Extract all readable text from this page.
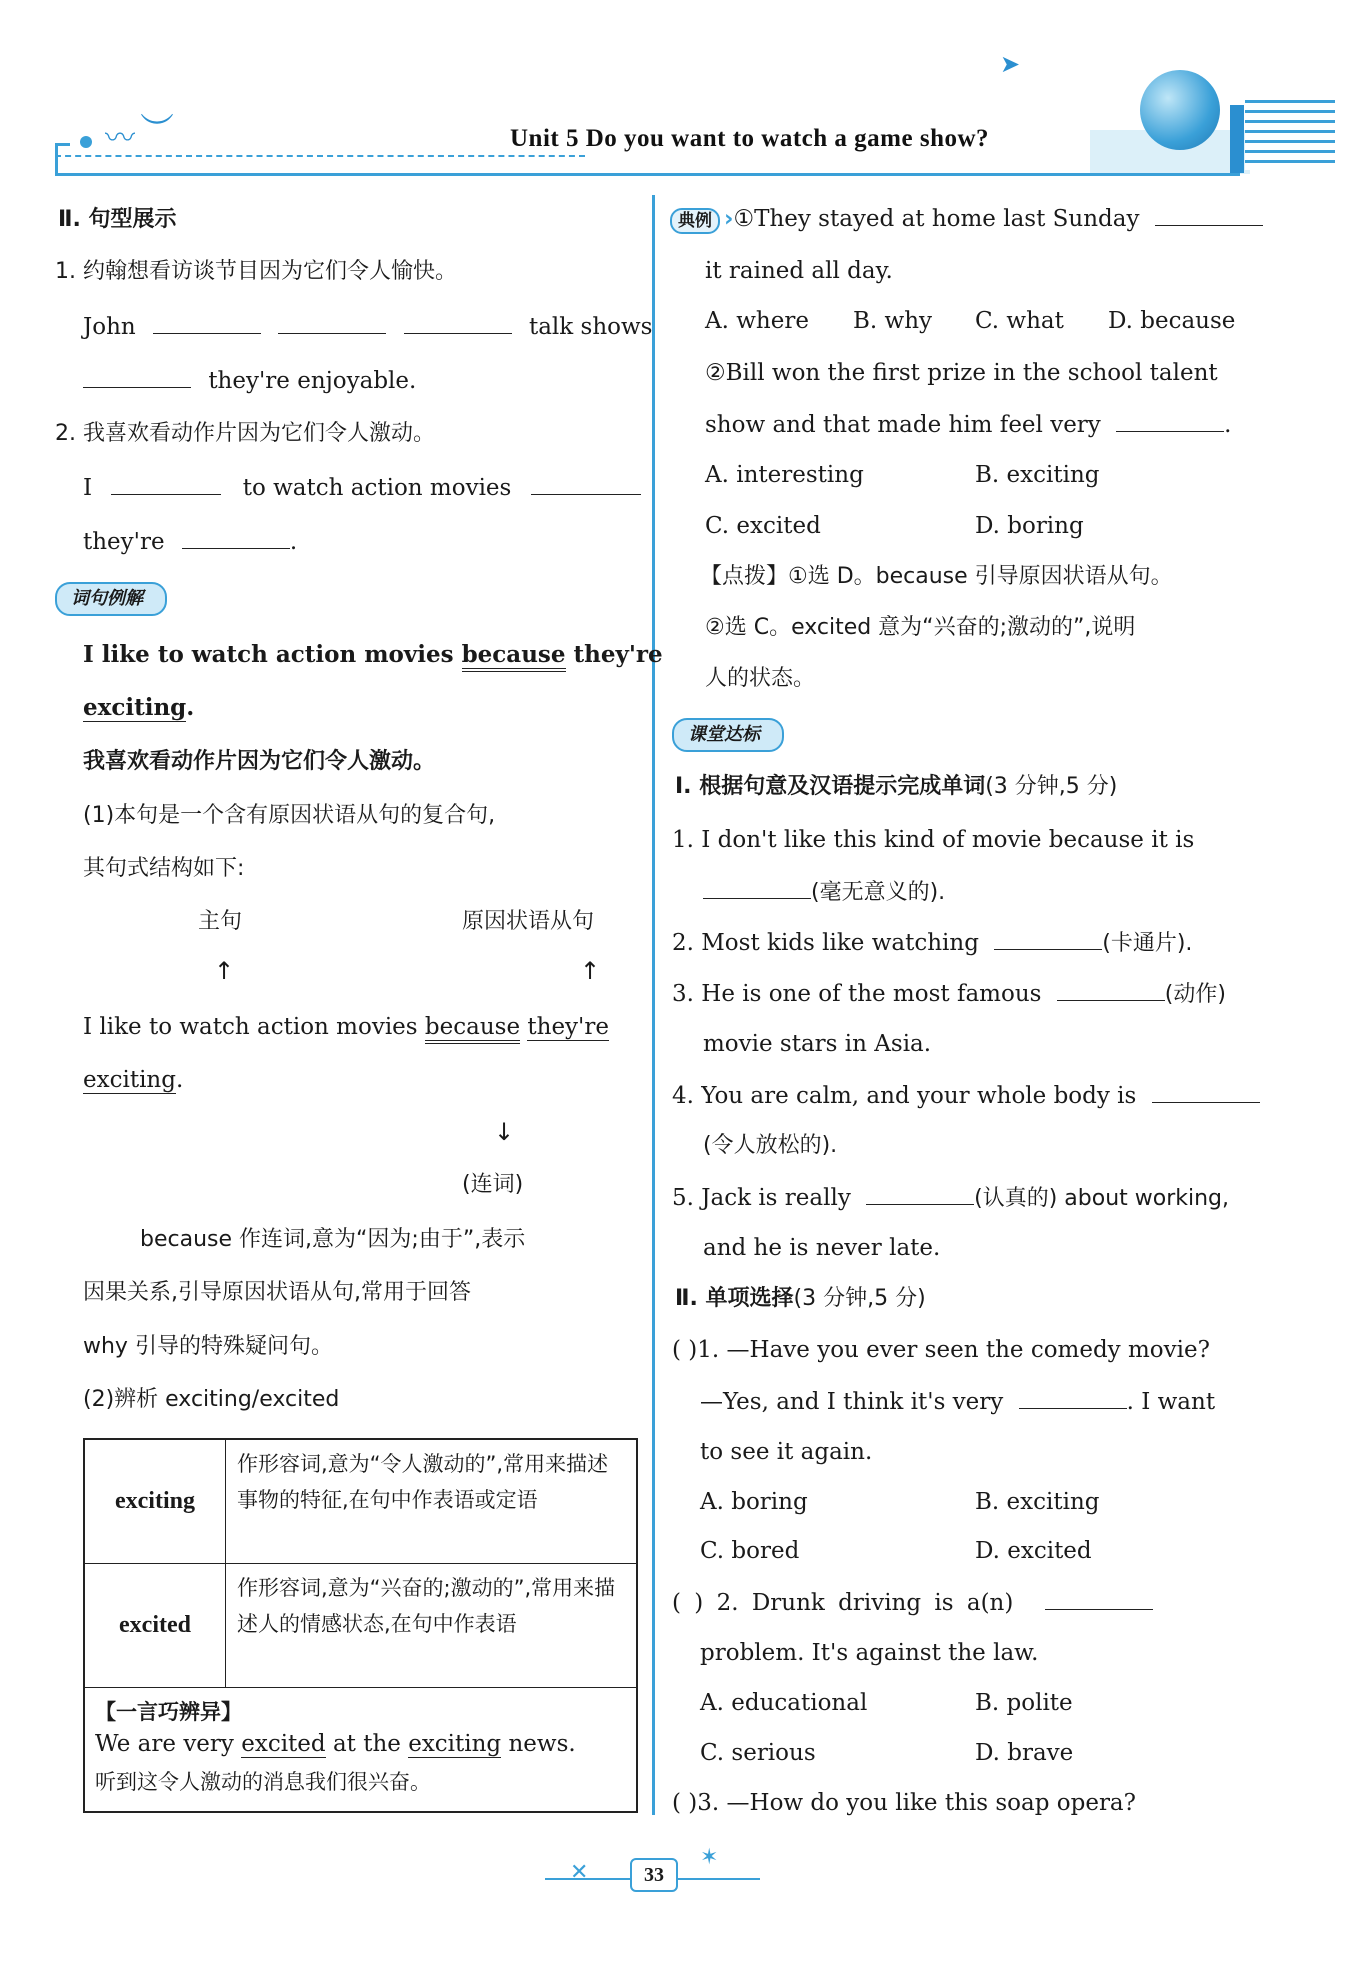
〰 ︶
➤
Unit 5 Do you want to watch a game show?
Ⅱ. 句型展示
1. 约翰想看访谈节目因为它们令人愉快。
John	talk shows
they're enjoyable.
2. 我喜欢看动作片因为它们令人激动。
I	to watch action movies
they're	.
词句例解
I like to watch action movies because they're
exciting.
我喜欢看动作片因为它们令人激动。
(1)本句是一个含有原因状语从句的复合句,
其句式结构如下:
主句	原因状语从句
↑	↑
I like to watch action movies because they're
exciting.
↓
(连词)
because 作连词,意为“因为;由于”,表示
因果关系,引导原因状语从句,常用于回答
why 引导的特殊疑问句。
(2)辨析 exciting/excited
exciting
作形容词,意为“令人激动的”,常用来描述事物的特征,在句中作表语或定语
excited
作形容词,意为“兴奋的;激动的”,常用来描述人的情感状态,在句中作表语
【一言巧辨异】
We are very excited at the exciting news.
听到这令人激动的消息我们很兴奋。
典例 ›①They stayed at home last Sunday
it rained all day.
A. where B. why C. what D. because
②Bill won the first prize in the school talent
show and that made him feel very	.
A. interesting	B. exciting
C. excited	D. boring
【点拨】①选 D。because 引导原因状语从句。
②选 C。excited 意为“兴奋的;激动的”,说明
人的状态。
课堂达标
Ⅰ. 根据句意及汉语提示完成单词(3 分钟,5 分)
1. I don't like this kind of movie because it is
(毫无意义的).
2. Most kids like watching	(卡通片).
3. He is one of the most famous	(动作)
movie stars in Asia.
4. You are calm, and your whole body is
(令人放松的).
5. Jack is really	(认真的) about working,
and he is never late.
Ⅱ. 单项选择(3 分钟,5 分)
( )1. —Have you ever seen the comedy movie?
—Yes, and I think it's very	. I want
to see it again.
A. boring	B. exciting
C. bored	D. excited
( ) 2. Drunk driving is a(n)
problem. It's against the law.
A. educational	B. polite
C. serious	D. brave
( )3. —How do you like this soap opera?
✕
✶
33
